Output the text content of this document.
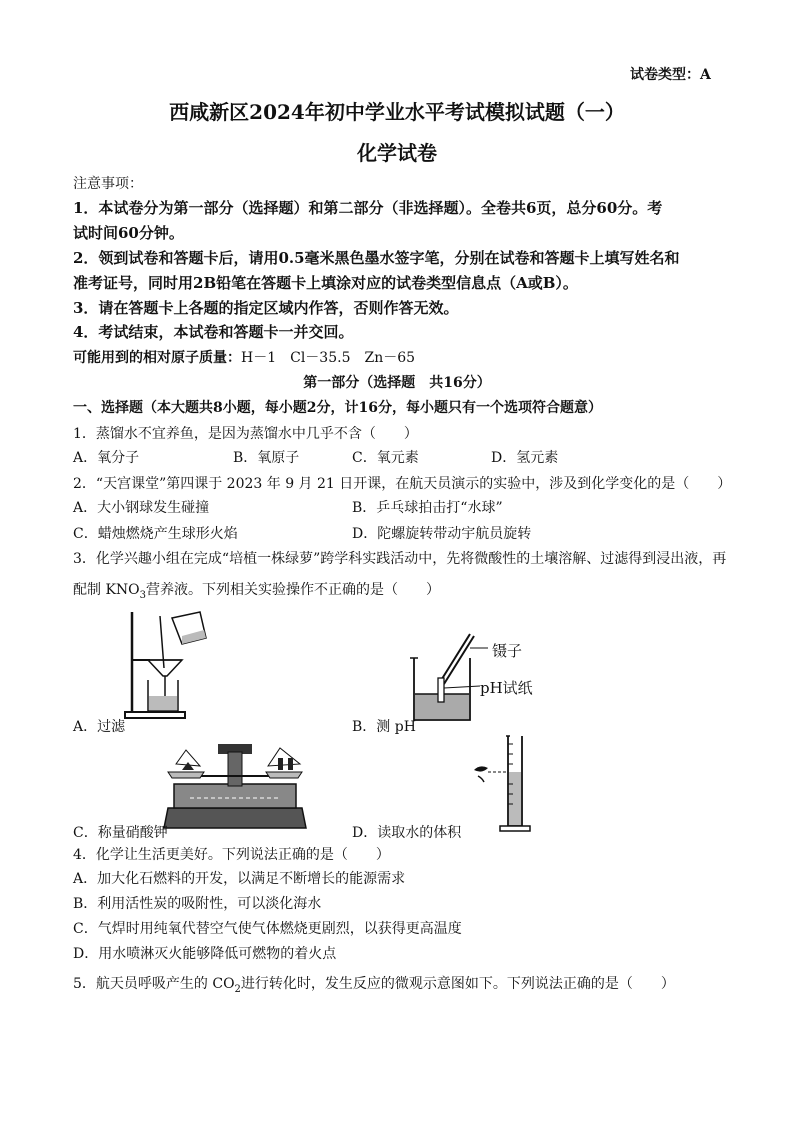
试卷类型：A
西咸新区2024年初中学业水平考试模拟试题（一）
化学试卷
注意事项：
1．本试卷分为第一部分（选择题）和第二部分（非选择题）。全卷共6页，总分60分。考
试时间60分钟。
2．领到试卷和答题卡后，请用0.5毫米黑色墨水签字笔，分别在试卷和答题卡上填写姓名和
准考证号，同时用2B铅笔在答题卡上填涂对应的试卷类型信息点（A或B）。
3．请在答题卡上各题的指定区域内作答，否则作答无效。
4．考试结束，本试卷和答题卡一并交回。
可能用到的相对原子质量：H－1　Cl－35.5　Zn－65
第一部分（选择题　共16分）
一、选择题（本大题共8小题，每小题2分，计16分，每小题只有一个选项符合题意）
1．蒸馏水不宜养鱼，是因为蒸馏水中几乎不含（　　）
A．氧分子	B．氧原子	C．氧元素	D．氢元素
2．“天宫课堂”第四课于 2023 年 9 月 21 日开课，在航天员演示的实验中，涉及到化学变化的是（　　）
A．大小钢球发生碰撞	B．乒乓球拍击打“水球”
C．蜡烛燃烧产生球形火焰	D．陀螺旋转带动宇航员旋转
3．化学兴趣小组在完成“培植一株绿萝”跨学科实践活动中，先将微酸性的土壤溶解、过滤得到浸出液，再
配制 $KNO_3$营养液。下列相关实验操作不正确的是（　　）
A．过滤
镊子
pH试纸
B．测 pH
C．称量硝酸钾	D．读取水的体积
4．化学让生活更美好。下列说法正确的是（　　）
A．加大化石燃料的开发，以满足不断增长的能源需求
B．利用活性炭的吸附性，可以淡化海水
C．气焊时用纯氧代替空气使气体燃烧更剧烈，以获得更高温度
D．用水喷淋灭火能够降低可燃物的着火点
5．航天员呼吸产生的 $CO_2$进行转化时，发生反应的微观示意图如下。下列说法正确的是（　　）
